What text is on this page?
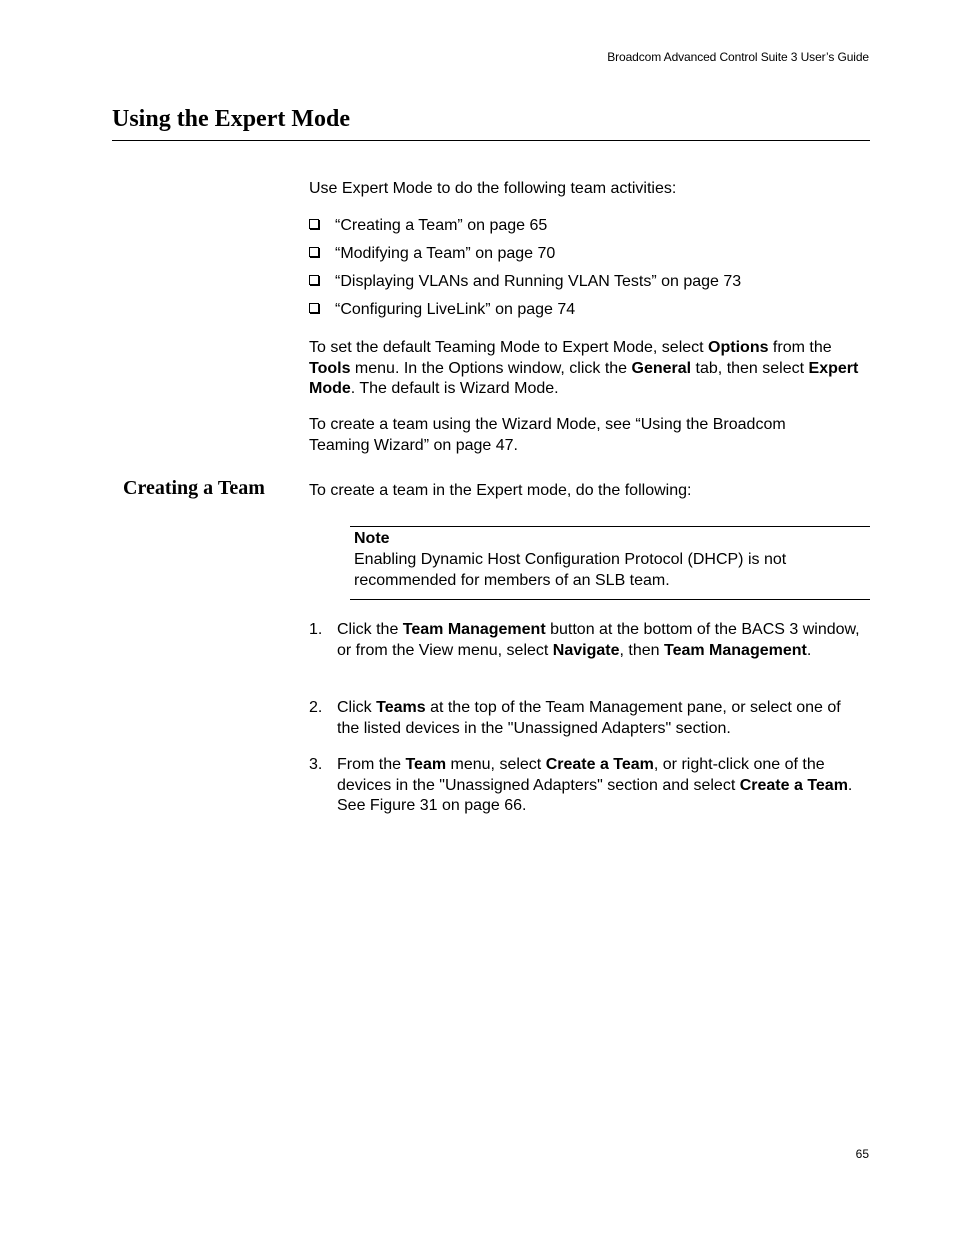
Broadcom Advanced Control Suite 3 User’s Guide
Using the Expert Mode

Use Expert Mode to do the following team activities:

“Creating a Team” on page 65
“Modifying a Team” on page 70
“Displaying VLANs and Running VLAN Tests” on page 73
“Configuring LiveLink” on page 74

To set the default Teaming Mode to Expert Mode, select Options from the Tools menu. In the Options window, click the General tab, then select Expert Mode. The default is Wizard Mode.

To create a team using the Wizard Mode, see “Using the Broadcom Teaming Wizard” on page 47.

Creating a Team	To create a team in the Expert mode, do the following:

Note
Enabling Dynamic Host Configuration Protocol (DHCP) is not recommended for members of an SLB team.
1. Click the Team Management button at the bottom of the BACS 3 window, or from the View menu, select Navigate, then Team Management.
2. Click Teams at the top of the Team Management pane, or select one of the listed devices in the "Unassigned Adapters" section.
3. From the Team menu, select Create a Team, or right-click one of the devices in the "Unassigned Adapters" section and select Create a Team. See Figure 31 on page 66.
65
